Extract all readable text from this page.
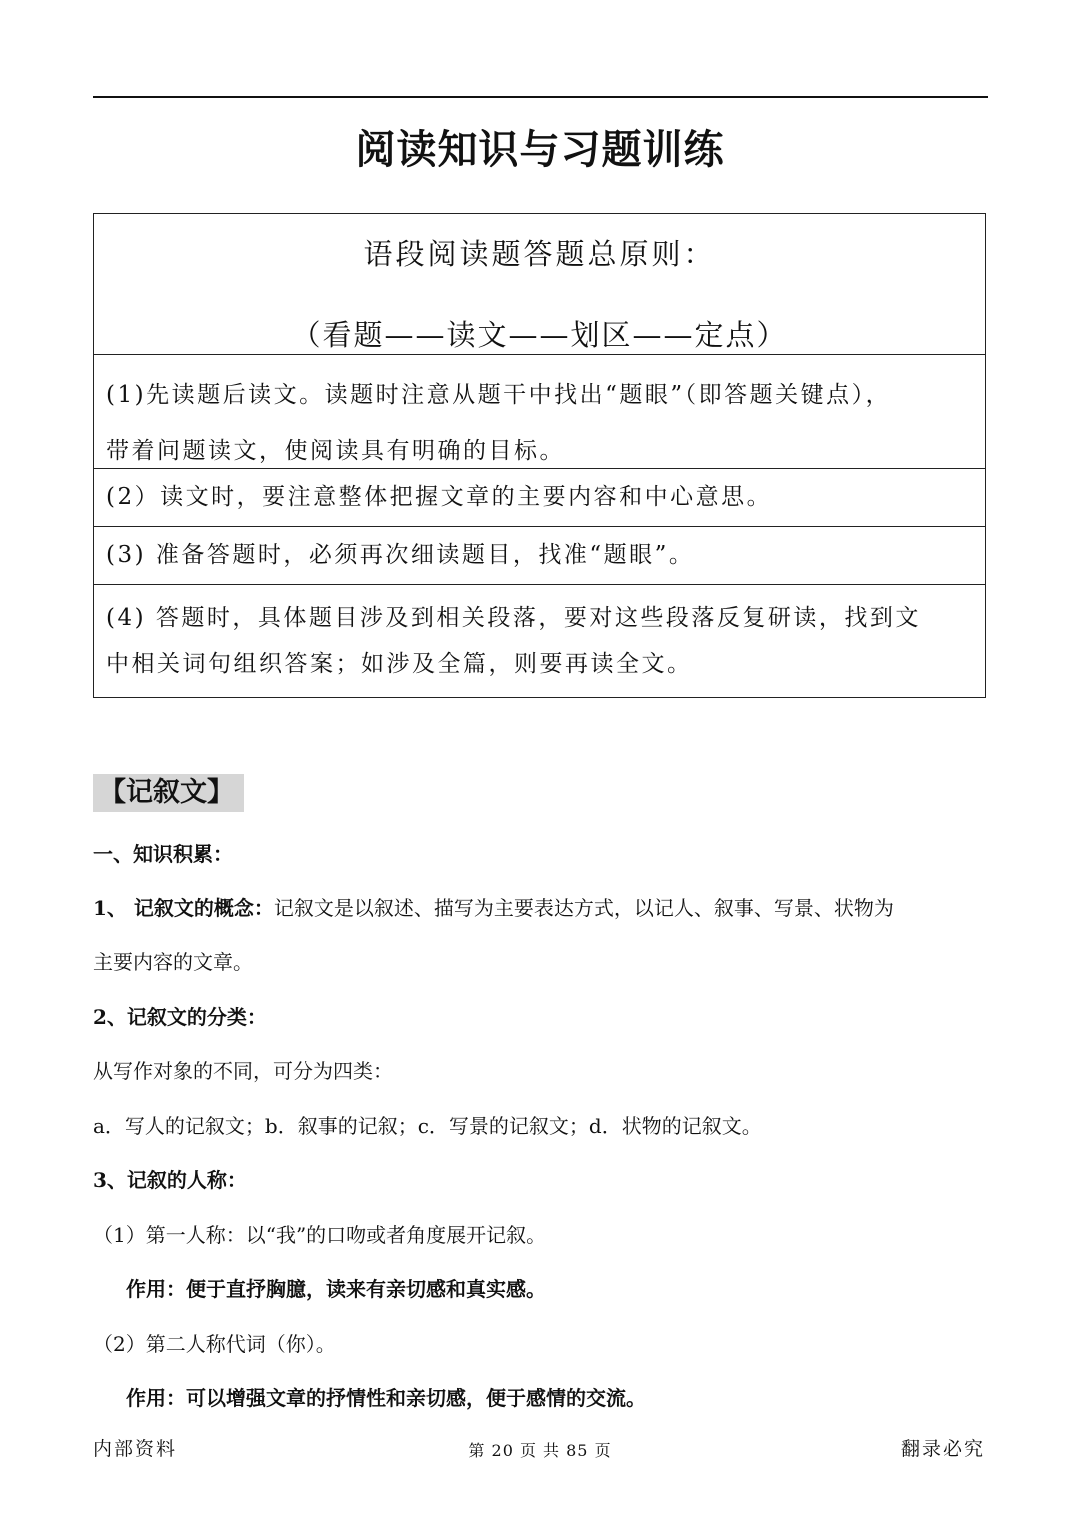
阅读知识与习题训练
语段阅读题答题总原则：
（看题——读文——划区——定点）

(1)先读题后读文。读题时注意从题干中找出“题眼”（即答题关键点），

带着问题读文，使阅读具有明确的目标。

(2）读文时，要注意整体把握文章的主要内容和中心意思。

(3) 准备答题时，必须再次细读题目，找准“题眼”。

(4) 答题时，具体题目涉及到相关段落，要对这些段落反复研读，找到文

中相关词句组织答案；如涉及全篇，则要再读全文。

【记叙文】
一、知识积累：
1、 记叙文的概念：记叙文是以叙述、描写为主要表达方式，以记人、叙事、写景、状物为
主要内容的文章。
2、记叙文的分类：
从写作对象的不同，可分为四类：
a．写人的记叙文；b．叙事的记叙；c．写景的记叙文；d．状物的记叙文。
3、记叙的人称：
（1）第一人称：以“我”的口吻或者角度展开记叙。
作用：便于直抒胸臆，读来有亲切感和真实感。
（2）第二人称代词（你）。
作用：可以增强文章的抒情性和亲切感，便于感情的交流。
内部资料	第 20 页 共 85 页	翻录必究
